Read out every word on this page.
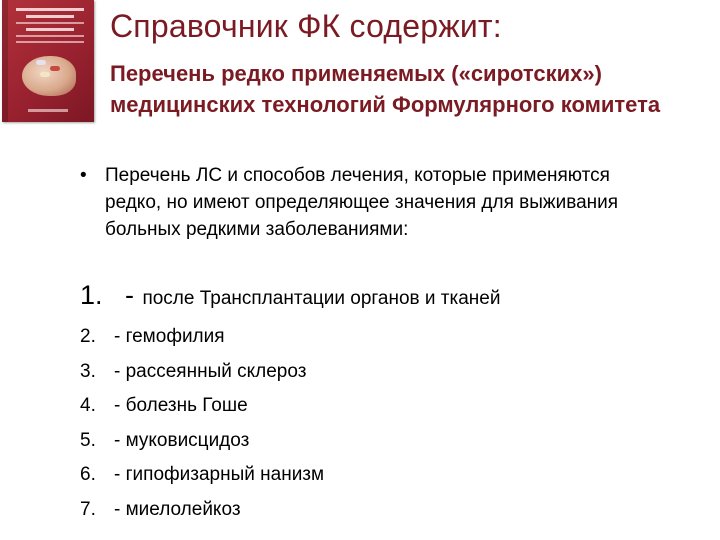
Справочник ФК содержит:
Перечень редко применяемых («сиротских») медицинских технологий Формулярного комитета
• Перечень ЛС и способов лечения, которые применяются редко, но имеют определяющее значения для выживания больных редкими заболеваниями:
1. - после Трансплантации органов и тканей
2. - гемофилия
3. - рассеянный склероз
4. - болезнь Гоше
5. - муковисцидоз
6. - гипофизарный нанизм
7. - миелолейкоз
